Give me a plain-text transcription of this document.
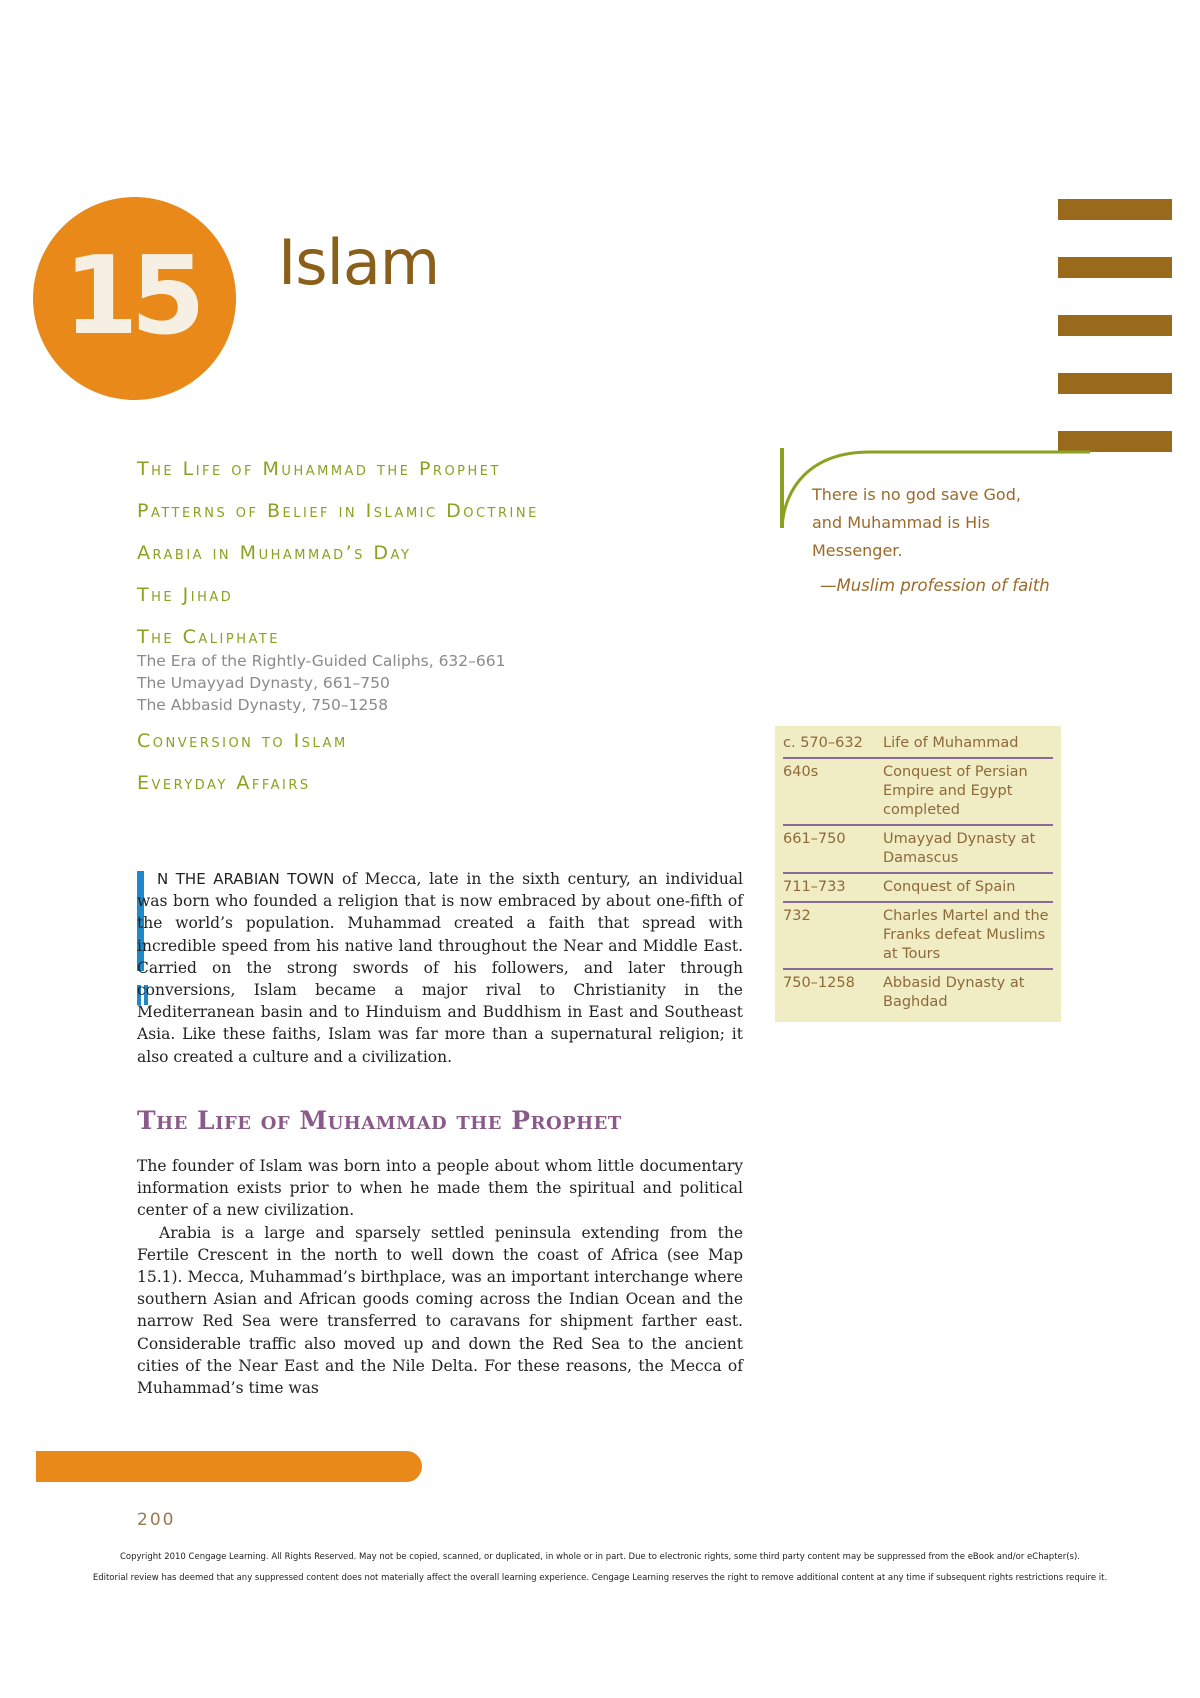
15 Islam
The Life of Muhammad the Prophet
Patterns of Belief in Islamic Doctrine
Arabia in Muhammad’s Day
The Jihad
The Caliphate
The Era of the Rightly-Guided Caliphs, 632–661
The Umayyad Dynasty, 661–750
The Abbasid Dynasty, 750–1258
Conversion to Islam
Everyday Affairs
There is no god save God,
and Muhammad is His
Messenger.
—Muslim profession of faith
c. 570–632	Life of Muhammad
640s	Conquest of Persian Empire and Egypt completed
661–750	Umayyad Dynasty at Damascus
711–733	Conquest of Spain
732	Charles Martel and the Franks defeat Muslims at Tours
750–1258	Abbasid Dynasty at Baghdad
N THE ARABIAN TOWN of Mecca, late in the sixth century, an individual was born who founded a religion that is now embraced by about one-fifth of the world’s population. Muhammad created a faith that spread with incredible speed from his native land throughout the Near and Middle East. Carried on the strong swords of his followers, and later through conversions, Islam became a major rival to Christianity in the Mediterranean basin and to Hinduism and Buddhism in East and Southeast Asia. Like these faiths, Islam was far more than a supernatural religion; it also created a culture and a civilization.
The Life of Muhammad the Prophet

The founder of Islam was born into a people about whom little documentary information exists prior to when he made them the spiritual and political center of a new civilization.

Arabia is a large and sparsely settled peninsula extending from the Fertile Crescent in the north to well down the coast of Africa (see Map 15.1). Mecca, Muhammad’s birthplace, was an important interchange where southern Asian and African goods coming across the Indian Ocean and the narrow Red Sea were transferred to caravans for shipment farther east. Considerable traffic also moved up and down the Red Sea to the ancient cities of the Near East and the Nile Delta. For these reasons, the Mecca of Muhammad’s time was

200
Copyright 2010 Cengage Learning. All Rights Reserved. May not be copied, scanned, or duplicated, in whole or in part. Due to electronic rights, some third party content may be suppressed from the eBook and/or eChapter(s).
Editorial review has deemed that any suppressed content does not materially affect the overall learning experience. Cengage Learning reserves the right to remove additional content at any time if subsequent rights restrictions require it.
